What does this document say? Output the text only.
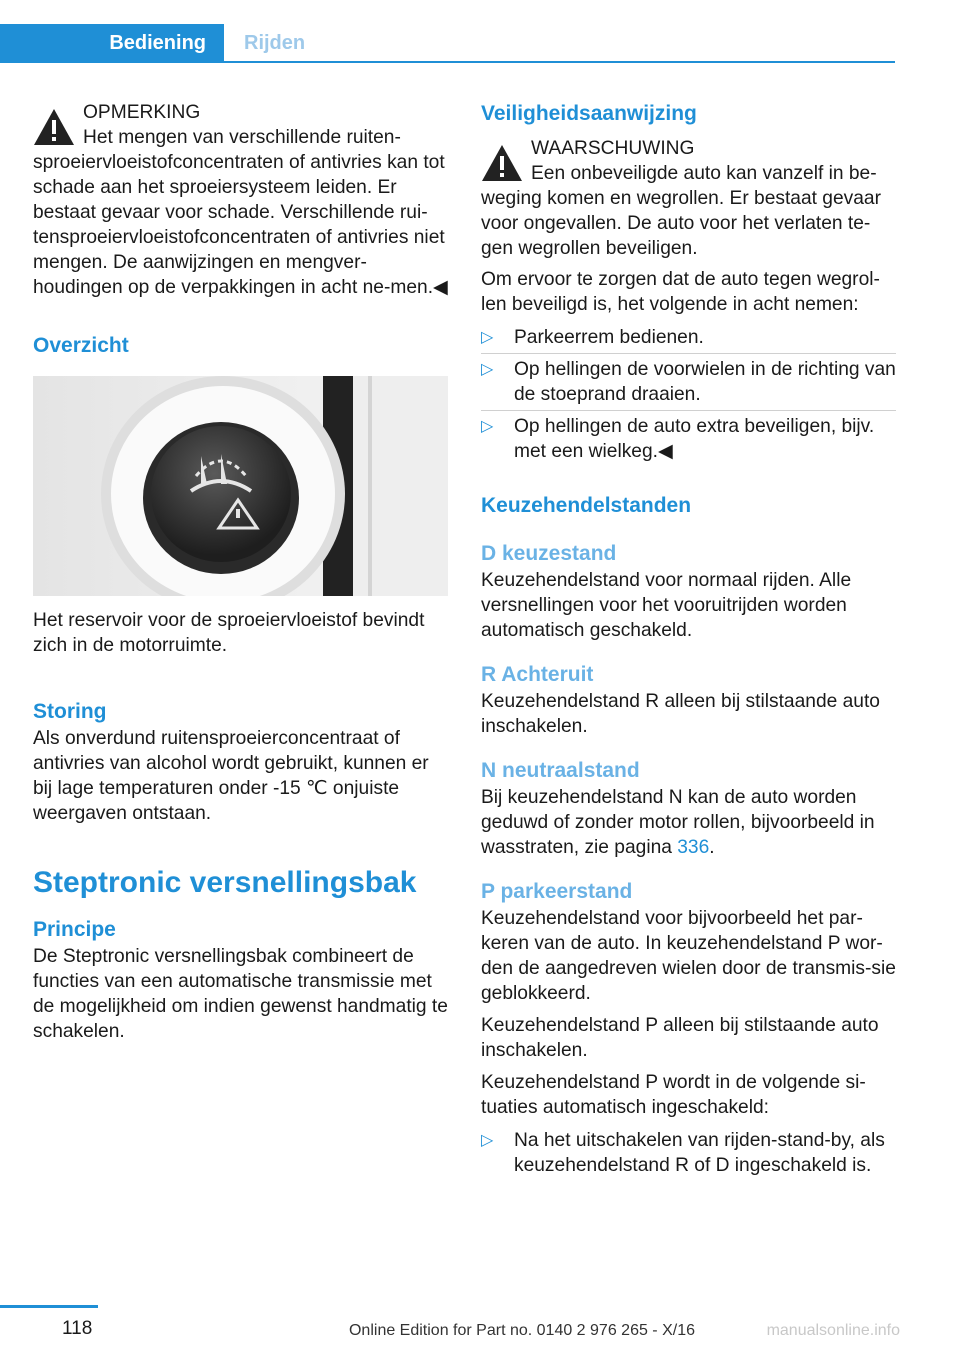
Bediening	Rijden

OPMERKING

Het mengen van verschillende ruiten-

sproeiervloeistofconcentraten of antivries kan tot schade aan het sproeiersysteem leiden. Er bestaat gevaar voor schade. Verschillende rui-tensproeiervloeistofconcentraten of antivries niet mengen. De aanwijzingen en mengver-houdingen op de verpakkingen in acht ne-men.◀

Overzicht

Het reservoir voor de sproeiervloeistof bevindt zich in de motorruimte.

Storing

Als onverdund ruitensproeierconcentraat of antivries van alcohol wordt gebruikt, kunnen er bij lage temperaturen onder -15 ℃ onjuiste weergaven ontstaan.

Steptronic versnellingsbak
Principe

De Steptronic versnellingsbak combineert de functies van een automatische transmissie met de mogelijkheid om indien gewenst handmatig te schakelen.

Veiligheidsaanwijzing

WAARSCHUWING

Een onbeveiligde auto kan vanzelf in be-

weging komen en wegrollen. Er bestaat gevaar voor ongevallen. De auto voor het verlaten te-gen wegrollen beveiligen.

Om ervoor te zorgen dat de auto tegen wegrol-len beveiligd is, het volgende in acht nemen:

▷ Parkeerrem bedienen.
▷ Op hellingen de voorwielen in de richting van de stoeprand draaien.
▷ Op hellingen de auto extra beveiligen, bijv. met een wielkeg.◀
Keuzehendelstanden
D keuzestand

Keuzehendelstand voor normaal rijden. Alle versnellingen voor het vooruitrijden worden automatisch geschakeld.

R Achteruit

Keuzehendelstand R alleen bij stilstaande auto inschakelen.

N neutraalstand

Bij keuzehendelstand N kan de auto worden geduwd of zonder motor rollen, bijvoorbeeld in wasstraten, zie pagina 336.

P parkeerstand

Keuzehendelstand voor bijvoorbeeld het par-keren van de auto. In keuzehendelstand P wor-den de aangedreven wielen door de transmis-sie geblokkeerd.

Keuzehendelstand P alleen bij stilstaande auto inschakelen.

Keuzehendelstand P wordt in de volgende si-tuaties automatisch ingeschakeld:

▷ Na het uitschakelen van rijden-stand-by, als keuzehendelstand R of D ingeschakeld is.
118	Online Edition for Part no. 0140 2 976 265 - X/16	manualsonline.info
